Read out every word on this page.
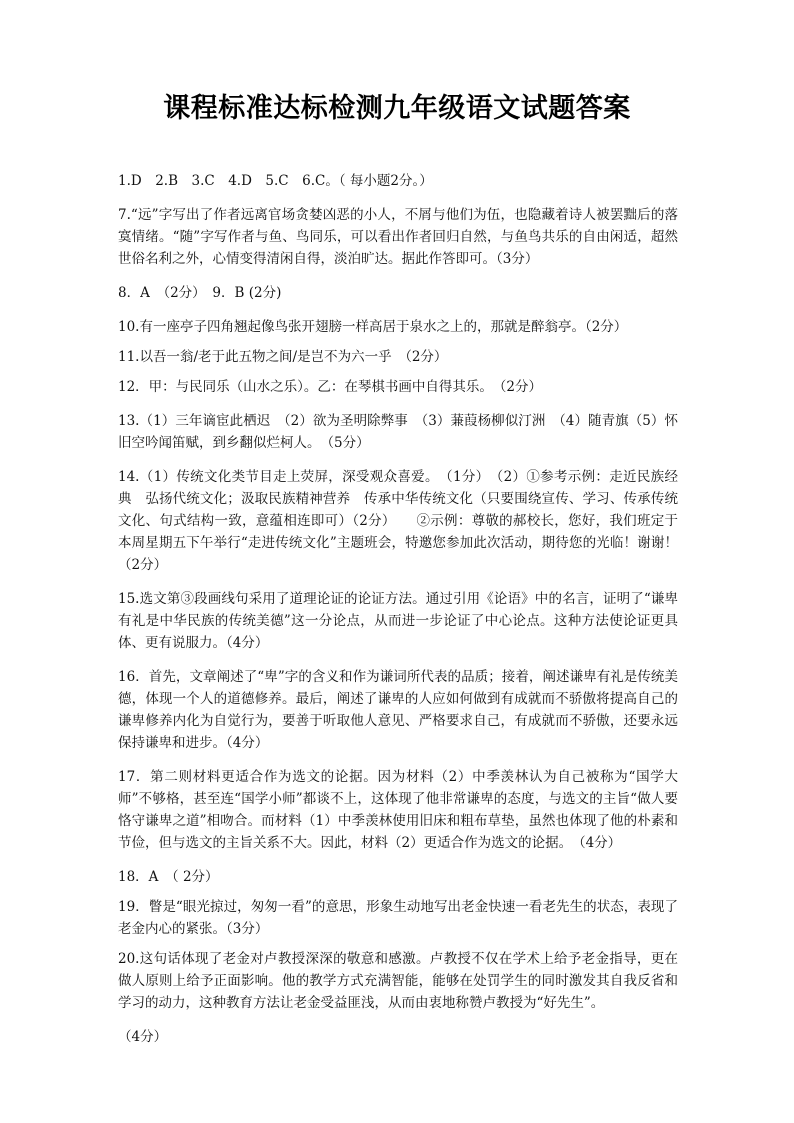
课程标准达标检测九年级语文试题答案

1.D　2.B　3.C　4.D　5.C　6.C。（ 每小题2分。）

7.“远”字写出了作者远离官场贪婪凶恶的小人，不屑与他们为伍，也隐藏着诗人被罢黜后的落寞情绪。“随”字写作者与鱼、鸟同乐，可以看出作者回归自然，与鱼鸟共乐的自由闲适，超然世俗名利之外，心情变得清闲自得，淡泊旷达。据此作答即可。（3分）

8．A　（2分）　9．B (2分)

10.有一座亭子四角翘起像鸟张开翅膀一样高居于泉水之上的，那就是醉翁亭。（2分）

11.以吾一翁/老于此五物之间/是岂不为六一乎　（2分）

12．甲：与民同乐（山水之乐）。乙：在琴棋书画中自得其乐。　（2分）

13.（1）三年谪宦此栖迟　（2）欲为圣明除弊事　（3）蒹葭杨柳似汀洲　（4）随青旗（5）怀旧空吟闻笛赋，到乡翻似烂柯人。　（5分）

14.（1）传统文化类节目走上荧屏，深受观众喜爱。　（1分）　（2）①参考示例：走近民族经典　弘扬代统文化；汲取民族精神营养　传承中华传统文化（只要围绕宣传、学习、传承传统文化、句式结构一致，意蕴相连即可）（2分）　　②示例：尊敬的郝校长，您好，我们班定于本周星期五下午举行“走进传统文化”主题班会，特邀您参加此次活动，期待您的光临！谢谢！（2分）

15.选文第③段画线句采用了道理论证的论证方法。通过引用《论语》中的名言，证明了“谦卑有礼是中华民族的传统美德”这一分论点，从而进一步论证了中心论点。这种方法使论证更具体、更有说服力。（4分）

16．首先，文章阐述了“卑”字的含义和作为谦词所代表的品质；接着，阐述谦卑有礼是传统美德，体现一个人的道德修养。最后，阐述了谦卑的人应如何做到有成就而不骄傲将提高自己的谦卑修养内化为自觉行为，要善于听取他人意见、严格要求自己，有成就而不骄傲，还要永远保持谦卑和进步。（4分）

17．第二则材料更适合作为选文的论据。因为材料（2）中季羡林认为自己被称为“国学大师”不够格，甚至连“国学小师”都谈不上，这体现了他非常谦卑的态度，与选文的主旨“做人要恪守谦卑之道”相吻合。而材料（1）中季羡林使用旧床和粗布草垫，虽然也体现了他的朴素和节俭，但与选文的主旨关系不大。因此，材料（2）更适合作为选文的论据。　（4分）

18．A　（ 2分）

19．瞥是“眼光掠过，匆匆一看”的意思，形象生动地写出老金快速一看老先生的状态，表现了老金内心的紧张。（3分）

20.这句话体现了老金对卢教授深深的敬意和感激。卢教授不仅在学术上给予老金指导，更在做人原则上给予正面影响。他的教学方式充满智能，能够在处罚学生的同时激发其自我反省和学习的动力，这种教育方法让老金受益匪浅，从而由衷地称赞卢教授为“好先生”。

（4分）
